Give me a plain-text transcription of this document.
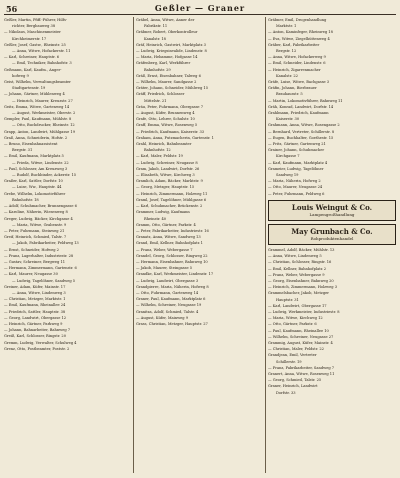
56	Geßler — Graner
Geßler, Martin, Pfiff.-Führer, Hilfs-
richter, Bergbauweg 38
— Nikolaus, Maschinenmeister
Kirchheimerstr. 17
Geßler, Josef, Gastw., Rheinstr. 25
— Anna, Witwe, Hofackerstr. 11
— Karl, Schreiner, Hauptstr. 6
— Emil, Techniker, Bahnhofstr. 3
Geßmann, Karl, Kaufm., Anger-
hofweg 9
Geist, Wilhelm, Verwaltungsbeamter
Stadtgartenstr. 19
— Johann, Gärtner, Mühlenweg 4
— Heinrich, Maurer, Kreuzstr. 27
Geitz, Emma, Witwe, Gartenweg 14
— August, Werkmeister, Oberstr. 2
Gempler, Paul, Kaufmann, Mühlstr. 8
— Otto, Buchdrucker, Rheinstr. 12
Grapp, Anton, Landwirt, Mühlgasse 19
Graß, Anna, Schneiderin, Hofstr. 2
— Bruno, Eisenbahnassistent
Bergstr. 31
— Emil, Kaufmann, Marktplatz 5
— Frieda, Witwe, Lindenstr. 22
— Paul, Schlosser, Am Kreuzweg 3
— Rudolf, Buchbinder, Ackerstr. 15
Graßer, Karl, Sattler, Dorfstr. 10
— Luise, Ww., Hauptstr. 44
Grebe, Wilhelm, Lokomotivführer
Bahnhofstr. 18
— Adolf, Schuhmacher, Brunnengasse 6
— Karoline, Näherin, Wiesenweg 8
Greger, Ludwig, Bäcker, Kirchgasse 4
— Maria, Witwe, Grabenstr. 9
— Peter, Fuhrmann, Steinweg 21
Greif, Heinrich, Schmied, Talstr. 7
— Jakob, Fabrikarbeiter, Feldweg 13
— Ernst, Schneider, Hofweg 2
— Franz, Lagerhalter, Industriestr. 28
— Gustav, Schreiner, Bergweg 11
— Hermann, Zimmermann, Gartenstr. 6
— Karl, Maurer, Neugasse 30
— Ludwig, Tagelöhner, Sandweg 5
Greiner, Adam, Küfer, Mainstr. 17
— Anna, Witwe, Lindenweg 3
— Christian, Metzger, Marktstr. 1
— Emil, Kaufmann, Rheinallee 24
— Friedrich, Sattler, Hauptstr. 38
— Georg, Landwirt, Obergasse 12
— Heinrich, Gärtner, Parkweg 9
— Johann, Bahnarbeiter, Bahnweg 7
Greiß, Karl, Schlosser, Ringstr. 20
Gremm, Ludwig, Verwalter, Schulweg 4
Grenz, Otto, Postbeamter, Poststr. 2
Gräbel, Anna, Witwe, Anner der
Fabrikstr. 11
Gräbner, Robert, Oberkontrolleur
Kanalstr. 18
Gräf, Heinrich, Gastwirt, Marktplatz 3
— Ludwig, Kriegsinvalide, Lindenstr. 8
— Maria, Hebamme, Hofgasse 14
Gräfenberg, Karl, Werkführer
Bahnhofstr. 29
Gräß, Ernst, Eisenbahner, Talweg 6
— Wilhelm, Maurer, Sandgasse 2
Gräter, Johann, Schneider, Mühlweg 15
Gräff, Friedrich, Schlosser
Mittelstr. 21
Gräu, Peter, Fuhrmann, Obergasse 7
— August, Küfer, Brunnenweg 4
Grafe, Otto, Lehrer, Schulstr. 10
Graff, Emma, Witwe, Rosenweg 5
— Friedrich, Kaufmann, Kaiserstr. 33
Graham, Anna, Putzmacherin, Gartenstr. 1
Grahl, Heinrich, Bahnbeamter
Bahnhofstr. 12
— Karl, Maler, Feldstr. 19
— Ludwig, Schreiner, Neugasse 8
Gram, Jakob, Landwirt, Dorfstr. 26
— Elisabeth, Witwe, Kirchweg 3
Gramlich, Adam, Bäcker, Marktstr. 9
— Georg, Metzger, Hauptstr. 15
— Heinrich, Zimmermann, Holzweg 11
Graml, Josef, Tagelöhner, Mühlgasse 6
— Karl, Schuhmacher, Brückenstr. 2
Grammer, Ludwig, Kaufmann
Rheinstr. 40
Gramm, Otto, Gärtner, Parkstr. 4
— Peter, Fabrikarbeiter, Industriestr. 16
Granatz, Anna, Witwe, Sandweg 13
Grand, Emil, Kellner, Bahnhofplatz 1
— Franz, Weber, Webergasse 7
Grandel, Georg, Schlosser, Ringweg 22
— Hermann, Eisenbahner, Bahnweg 10
— Jakob, Maurer, Steingasse 5
Grandke, Karl, Werkmeister, Lindenstr. 17
— Ludwig, Landwirt, Obergasse 3
Grandpierre, Maria, Näherin, Hofweg 8
— Otto, Fuhrmann, Gartenweg 14
Graner, Paul, Kaufmann, Marktplatz 6
— Wilhelm, Schreiner, Neugasse 19
Granitza, Adolf, Schmied, Talstr. 4
— August, Küfer, Mainweg 9
Grass, Christian, Metzger, Hauptstr. 27
Gräbner, Emil, Drogenhandlung
Marktstr. 1
— Anton, Kaminfeger, Rheinweg 18
— Eva, Witwe, Ziegelhüttenweg 4
Gräber, Karl, Fabrikarbeiter
Bergstr. 12
— Anna, Witwe, Hofackerweg 9
— Emil, Schneider, Lindenstr. 6
— Heinrich, Zigarrenmacher
Kanalstr. 22
Gräfe, Luise, Witwe, Bachgasse 3
Gräfin, Johann, Bierbrauer
Brauhausstr. 5
— Martin, Lokomotivführer, Bahnweg 11
Gräh, Konrad, Landwirt, Dorfstr. 14
Grahlmann, Friedrich, Kaufmann
Kaiserstr. 30
Grahmann, Anna, Witwe, Rosengasse 2
— Bernhard, Vertreter, Schillerstr. 8
— Eugen, Buchhalter, Goethestr. 15
— Fritz, Gärtner, Gartenweg 21
Grainer, Johann, Schuhmacher
Kirchgasse 7
— Karl, Kaufmann, Marktplatz 4
Grameier, Ludwig, Tagelöhner
Sandweg 19
— Maria, Näherin, Hofweg 2
— Otto, Maurer, Neugasse 24
— Peter, Fuhrmann, Feldweg 6
Louis Weingut & Co.
Lampengroßhandlung
May Grunbach & Co.
Rohproduktenhandel
Grammel, Adolf, Bäcker, Mühlstr. 13
— Anna, Witwe, Lindenweg 5
— Christian, Schlosser, Ringstr. 16
— Emil, Kellner, Bahnhofplatz 2
— Franz, Weber, Webergasse 9
— Georg, Eisenbahner, Bahnweg 20
— Heinrich, Zimmermann, Holzweg 3
Grammelsbacher, Jakob, Metzger
Hauptstr. 31
— Karl, Landwirt, Obergasse 17
— Ludwig, Werkmeister, Industriestr. 8
— Maria, Witwe, Kirchweg 12
— Otto, Gärtner, Parkstr. 6
— Paul, Kaufmann, Rheinallee 10
— Wilhelm, Schreiner, Neugasse 27
Grammig, August, Küfer, Mainstr. 4
— Christian, Maler, Feldstr. 22
Grandjean, Emil, Vertreter
Schillerstr. 19
— Franz, Fabrikarbeiter, Sandweg 7
Granert, Anna, Witwe, Rosenweg 11
— Georg, Schmied, Talstr. 25
Graner, Heinrich, Landwirt
Dorfstr. 33
